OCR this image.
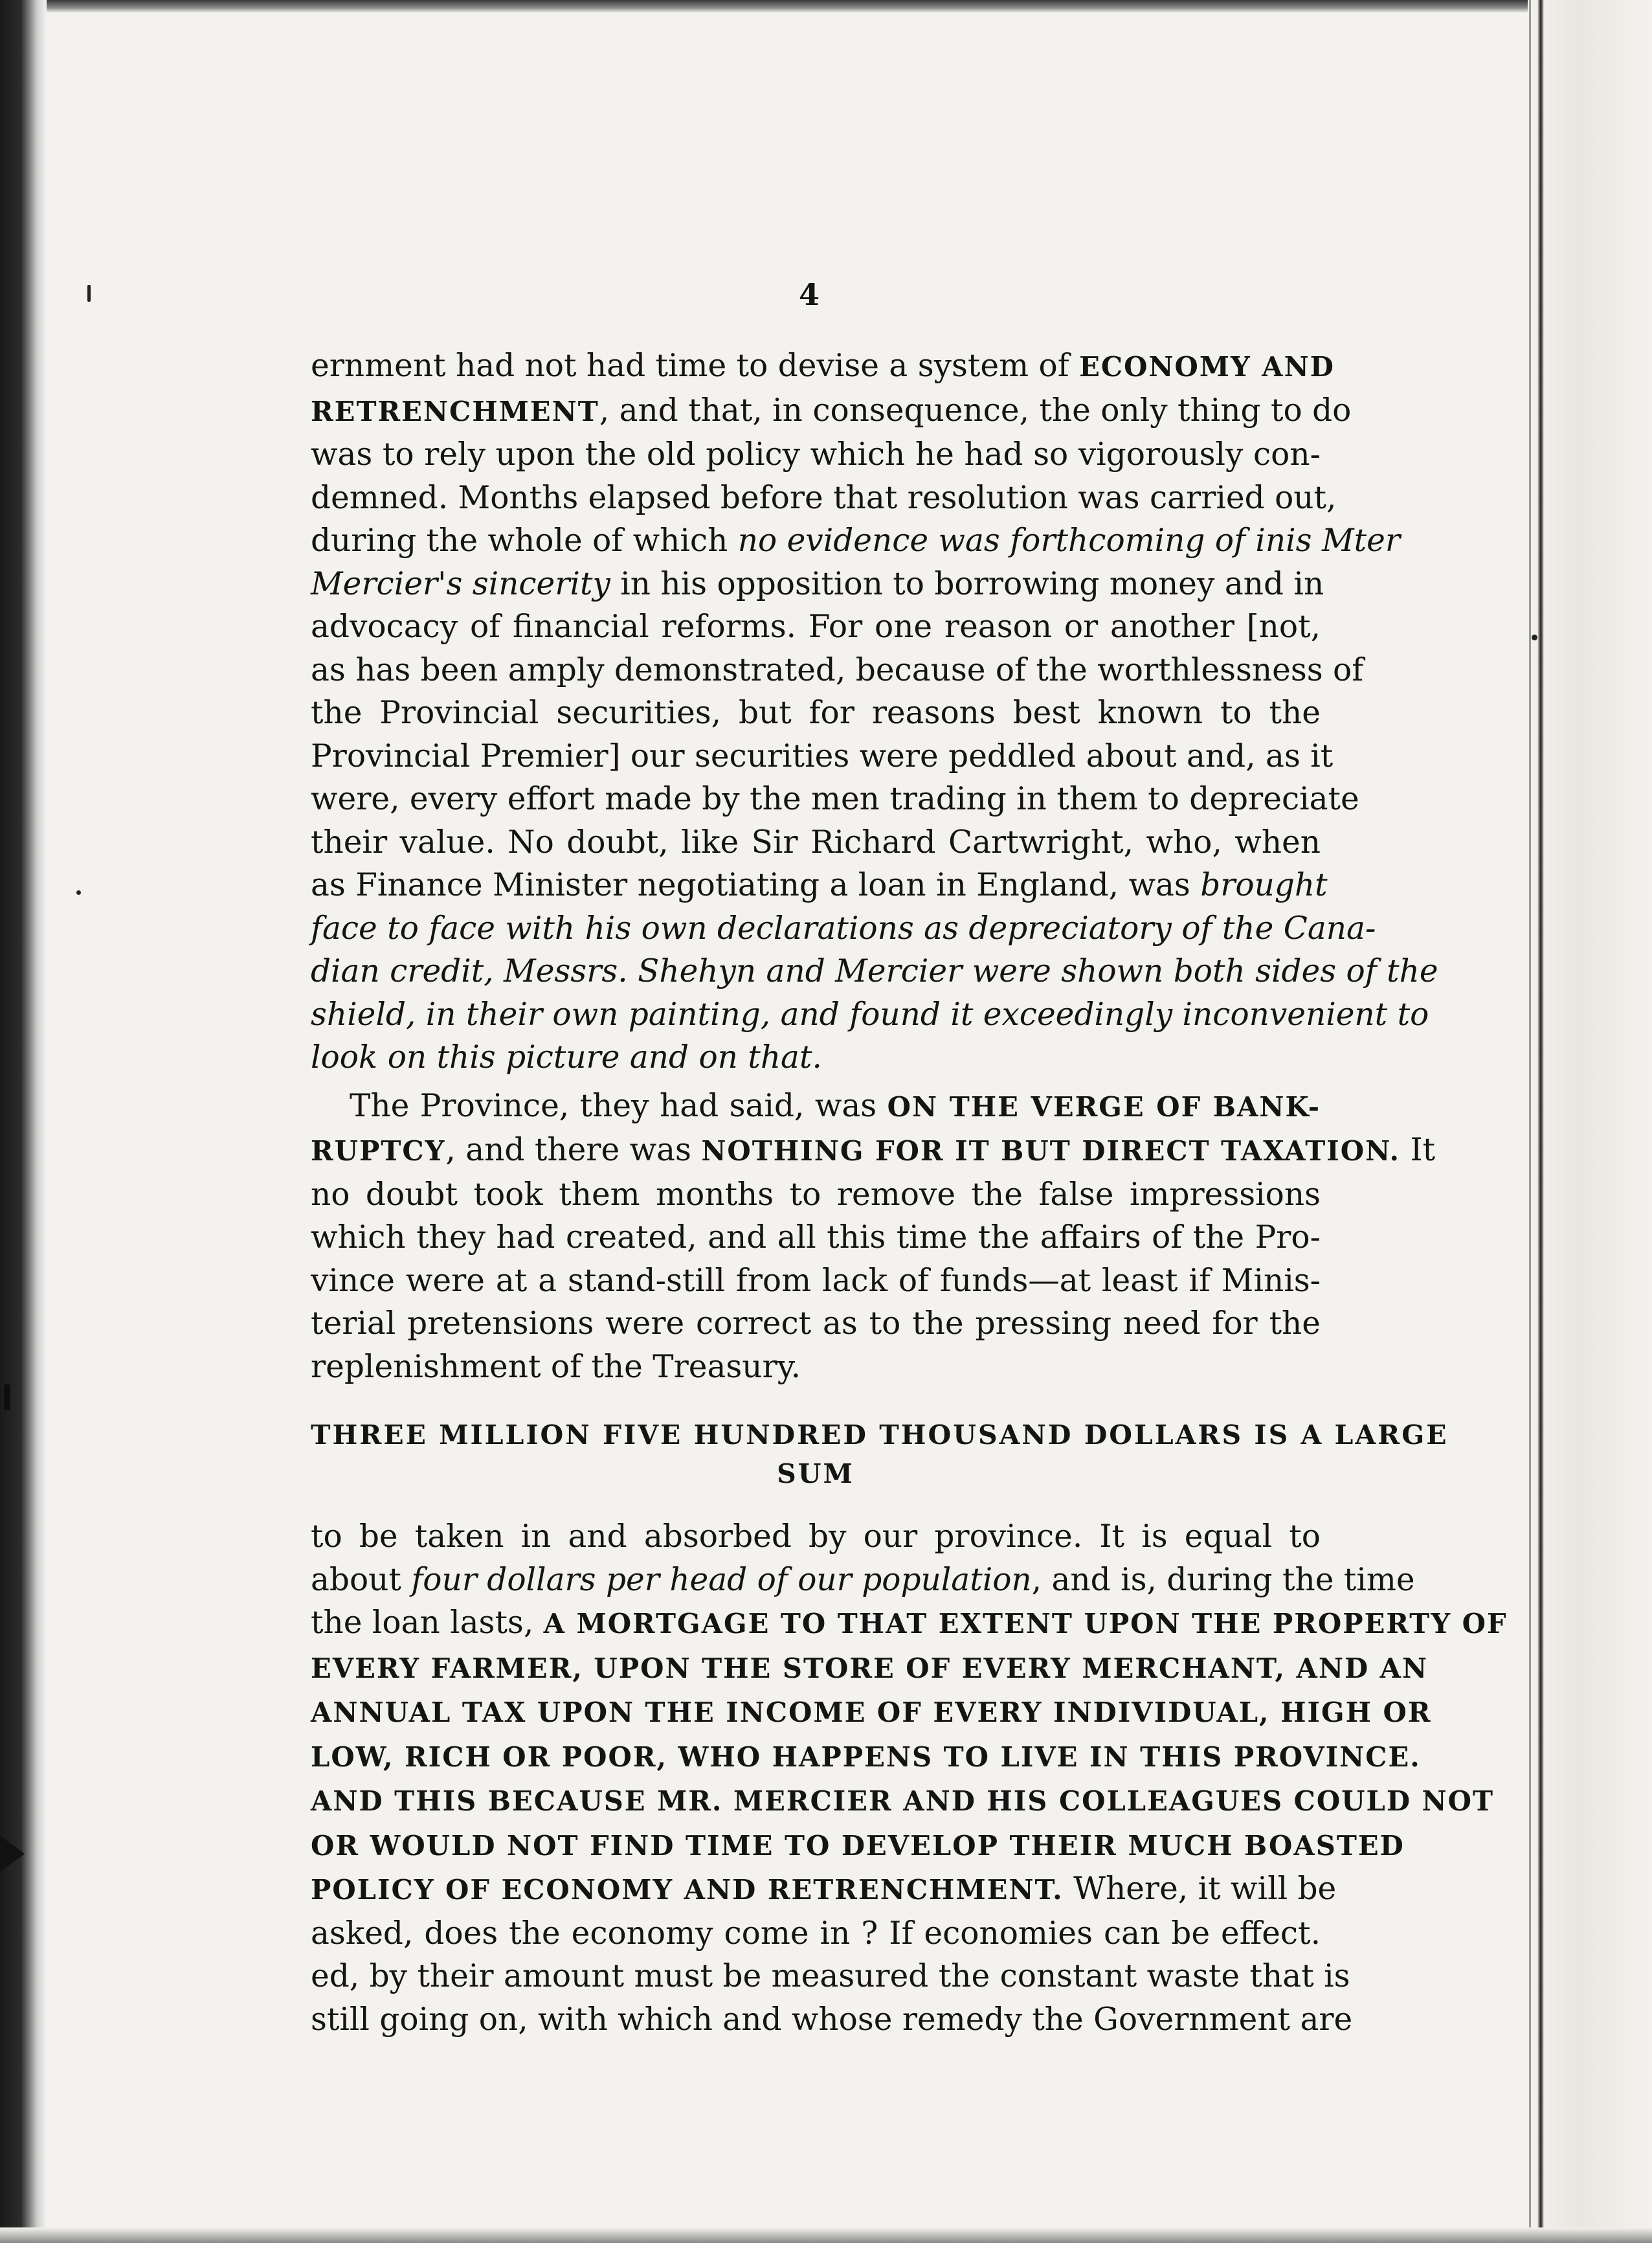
4
ernment had not had time to devise a system of ECONOMY AND
RETRENCHMENT, and that, in consequence, the only thing to do
was to rely upon the old policy which he had so vigorously con-
demned. Months elapsed before that resolution was carried out,
during the whole of which no evidence was forthcoming of inis Mter
Mercier's sincerity in his opposition to borrowing money and in
advocacy of financial reforms. For one reason or another [not,
as has been amply demonstrated, because of the worthlessness of
the Provincial securities, but for reasons best known to the
Provincial Premier] our securities were peddled about and, as it
were, every effort made by the men trading in them to depreciate
their value. No doubt, like Sir Richard Cartwright, who, when
as Finance Minister negotiating a loan in England, was brought
face to face with his own declarations as depreciatory of the Cana-
dian credit, Messrs. Shehyn and Mercier were shown both sides of the
shield, in their own painting, and found it exceedingly inconvenient to
look on this picture and on that.
The Province, they had said, was ON THE VERGE OF BANK-
RUPTCY, and there was NOTHING FOR IT BUT DIRECT TAXATION. It
no doubt took them months to remove the false impressions
which they had created, and all this time the affairs of the Pro-
vince were at a stand-still from lack of funds—at least if Minis-
terial pretensions were correct as to the pressing need for the
replenishment of the Treasury.
THREE MILLION FIVE HUNDRED THOUSAND DOLLARS IS A LARGE
SUM
to be taken in and absorbed by our province. It is equal to
about four dollars per head of our population, and is, during the time
the loan lasts, A MORTGAGE TO THAT EXTENT UPON THE PROPERTY OF
EVERY FARMER, UPON THE STORE OF EVERY MERCHANT, AND AN
ANNUAL TAX UPON THE INCOME OF EVERY INDIVIDUAL, HIGH OR
LOW, RICH OR POOR, WHO HAPPENS TO LIVE IN THIS PROVINCE.
AND THIS BECAUSE MR. MERCIER AND HIS COLLEAGUES COULD NOT
OR WOULD NOT FIND TIME TO DEVELOP THEIR MUCH BOASTED
POLICY OF ECONOMY AND RETRENCHMENT. Where, it will be
asked, does the economy come in ? If economies can be effect.
ed, by their amount must be measured the constant waste that is
still going on, with which and whose remedy the Government are
